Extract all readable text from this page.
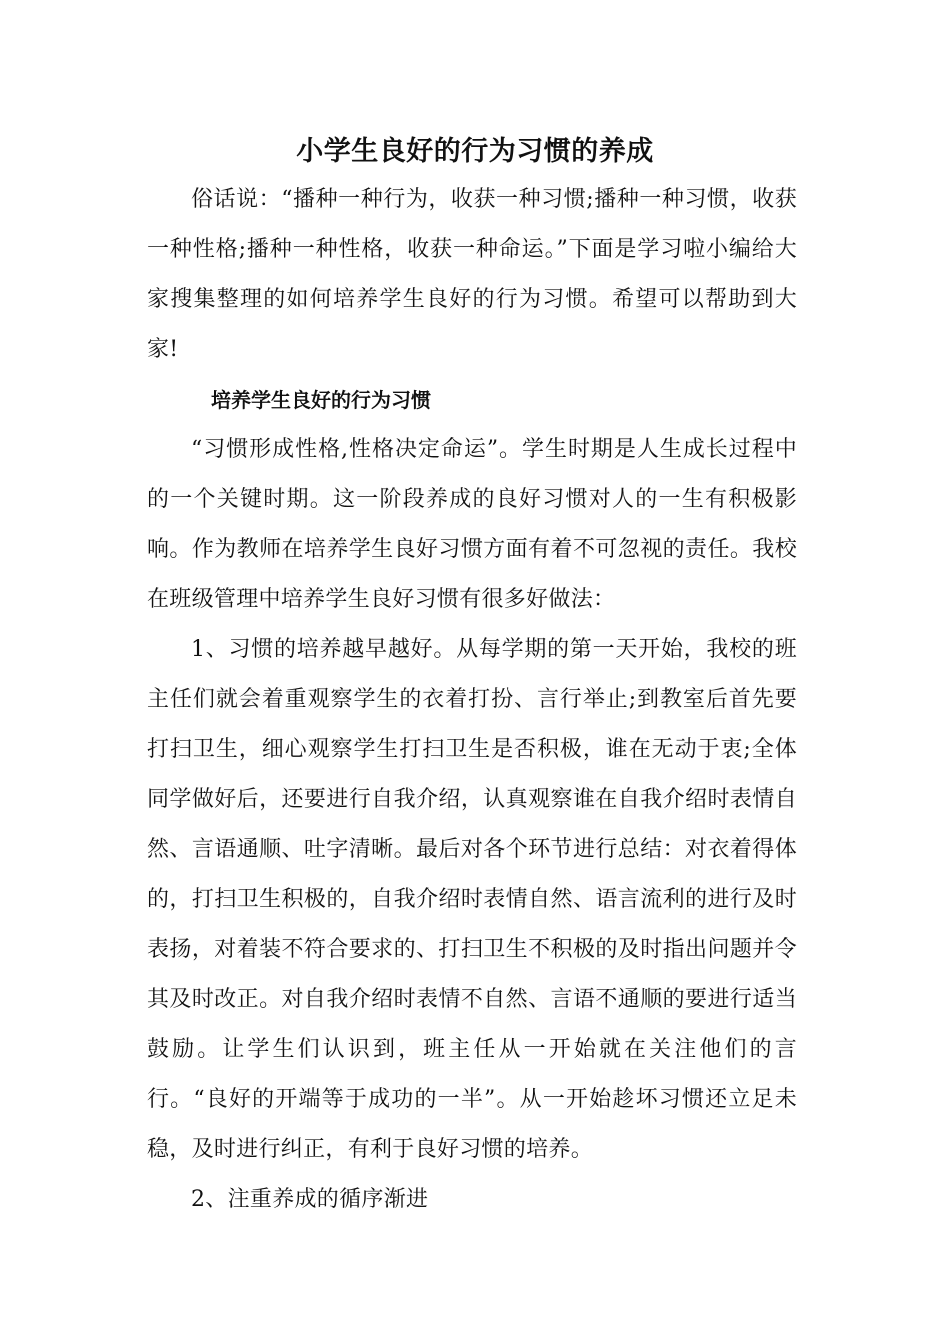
小学生良好的行为习惯的养成

俗话说：“播种一种行为，收获一种习惯;播种一种习惯，收获一种性格;播种一种性格，收获一种命运。”下面是学习啦小编给大家搜集整理的如何培养学生良好的行为习惯。希望可以帮助到大家!

培养学生良好的行为习惯

“习惯形成性格,性格决定命运”。学生时期是人生成长过程中的一个关键时期。这一阶段养成的良好习惯对人的一生有积极影响。作为教师在培养学生良好习惯方面有着不可忽视的责任。我校在班级管理中培养学生良好习惯有很多好做法：

1、习惯的培养越早越好。从每学期的第一天开始，我校的班主任们就会着重观察学生的衣着打扮、言行举止;到教室后首先要打扫卫生，细心观察学生打扫卫生是否积极，谁在无动于衷;全体同学做好后，还要进行自我介绍，认真观察谁在自我介绍时表情自然、言语通顺、吐字清晰。最后对各个环节进行总结：对衣着得体的，打扫卫生积极的，自我介绍时表情自然、语言流利的进行及时表扬，对着装不符合要求的、打扫卫生不积极的及时指出问题并令其及时改正。对自我介绍时表情不自然、言语不通顺的要进行适当鼓励。让学生们认识到，班主任从一开始就在关注他们的言行。“良好的开端等于成功的一半”。从一开始趁坏习惯还立足未稳，及时进行纠正，有利于良好习惯的培养。

2、注重养成的循序渐进
